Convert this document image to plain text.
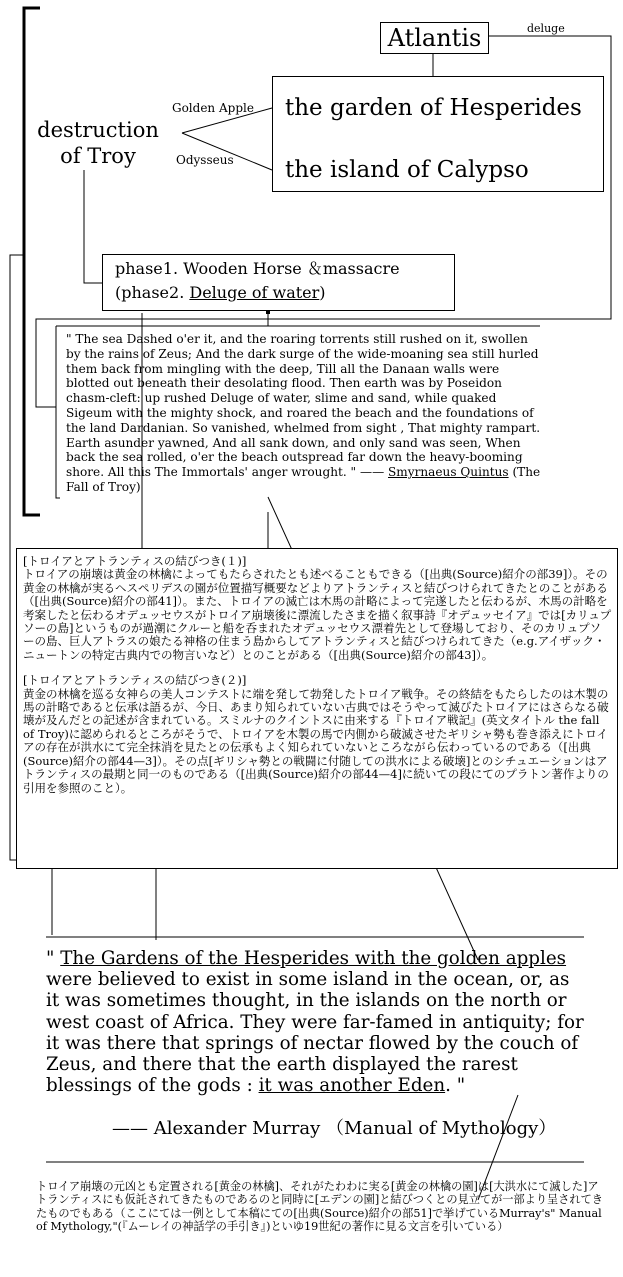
Atlantis	deluge
the garden of Hesperides
the island of Calypso
Golden Apple
Odysseus
destruction
of Troy
phase1. Wooden Horse ＆massacre
(phase2. Deluge of water)
" The sea Dashed o'er it, and the roaring torrents still rushed on it, swollen by the rains of Zeus; And the dark surge of the wide-moaning sea still hurled them back from mingling with the deep, Till all the Danaan walls were blotted out beneath their desolating flood. Then earth was by Poseidon chasm-cleft: up rushed Deluge of water, slime and sand, while quaked Sigeum with the mighty shock, and roared the beach and the foundations of the land Dardanian. So vanished, whelmed from sight , That mighty rampart. Earth asunder yawned, And all sank down, and only sand was seen, When back the sea rolled, o'er the beach outspread far down the heavy-booming shore. All this The Immortals' anger wrought. " —— Smyrnaeus Quintus (The Fall of Troy)

[トロイアとアトランティスの結びつき(１)]
トロイアの崩壊は黄金の林檎によってもたらされたとも述べることもできる（[出典(Source)紹介の部39]）。その黄金の林檎が実るヘスペリデスの園が位置描写概要などよりアトランティスと結びつけられてきたとのことがある（[出典(Source)紹介の部41]）。また、トロイアの滅亡は木馬の計略によって完遂したと伝わるが、木馬の計略を考案したと伝わるオデュッセウスがトロイア崩壊後に漂流したさまを描く叙事詩『オデュッセイア』では[カリュプソーの島]というものが過潮にクルーと船を呑まれたオデュッセウス漂着先として登場しており、そのカリュプソーの島、巨人アトラスの娘たる神格の住まう島からしてアトランティスと結びつけられてきた（e.g.アイザック・ニュートンの特定古典内での物言いなど）とのことがある（[出典(Source)紹介の部43]）。

[トロイアとアトランティスの結びつき(２)]
黄金の林檎を巡る女神らの美人コンテストに端を発して勃発したトロイア戦争。その終結をもたらしたのは木製の馬の計略であると伝承は語るが、今日、あまり知られていない古典ではそうやって滅びたトロイアにはさらなる破壊が及んだとの記述が含まれている。スミルナのクイントスに由来する『トロイア戦記』(英文タイトル the fall of Troy)に認められるところがそうで、トロイアを木製の馬で内側から破滅させたギリシャ勢も巻き添えにトロイアの存在が洪水にて完全抹消を見たとの伝承もよく知られていないところながら伝わっているのである（[出典(Source)紹介の部44—3]）。その点[ギリシャ勢との戦闘に付随しての洪水による破壊]とのシチュエーションはアトランティスの最期と同一のものである（[出典(Source)紹介の部44—4]に続いての段にてのプラトン著作よりの引用を参照のこと）。

" The Gardens of the Hesperides with the golden apples were believed to exist in some island in the ocean, or, as it was sometimes thought, in the islands on the north or west coast of Africa. They were far-famed in antiquity; for it was there that springs of nectar flowed by the couch of Zeus, and there that the earth displayed the rarest blessings of the gods : it was another Eden. "
—— Alexander Murray （Manual of Mythology）
トロイア崩壊の元凶とも定置される[黄金の林檎]、それがたわわに実る[黄金の林檎の園]は[大洪水にて滅した]アトランティスにも仮託されてきたものであるのと同時に[エデンの園]と結びつくとの見立てが一部より呈されてきたものでもある（ここにては一例として本稿にての[出典(Source)紹介の部51]で挙げているMurray's" Manual of Mythology,"(『ムーレイの神話学の手引き』)といゆ19世紀の著作に見る文言を引いている）
